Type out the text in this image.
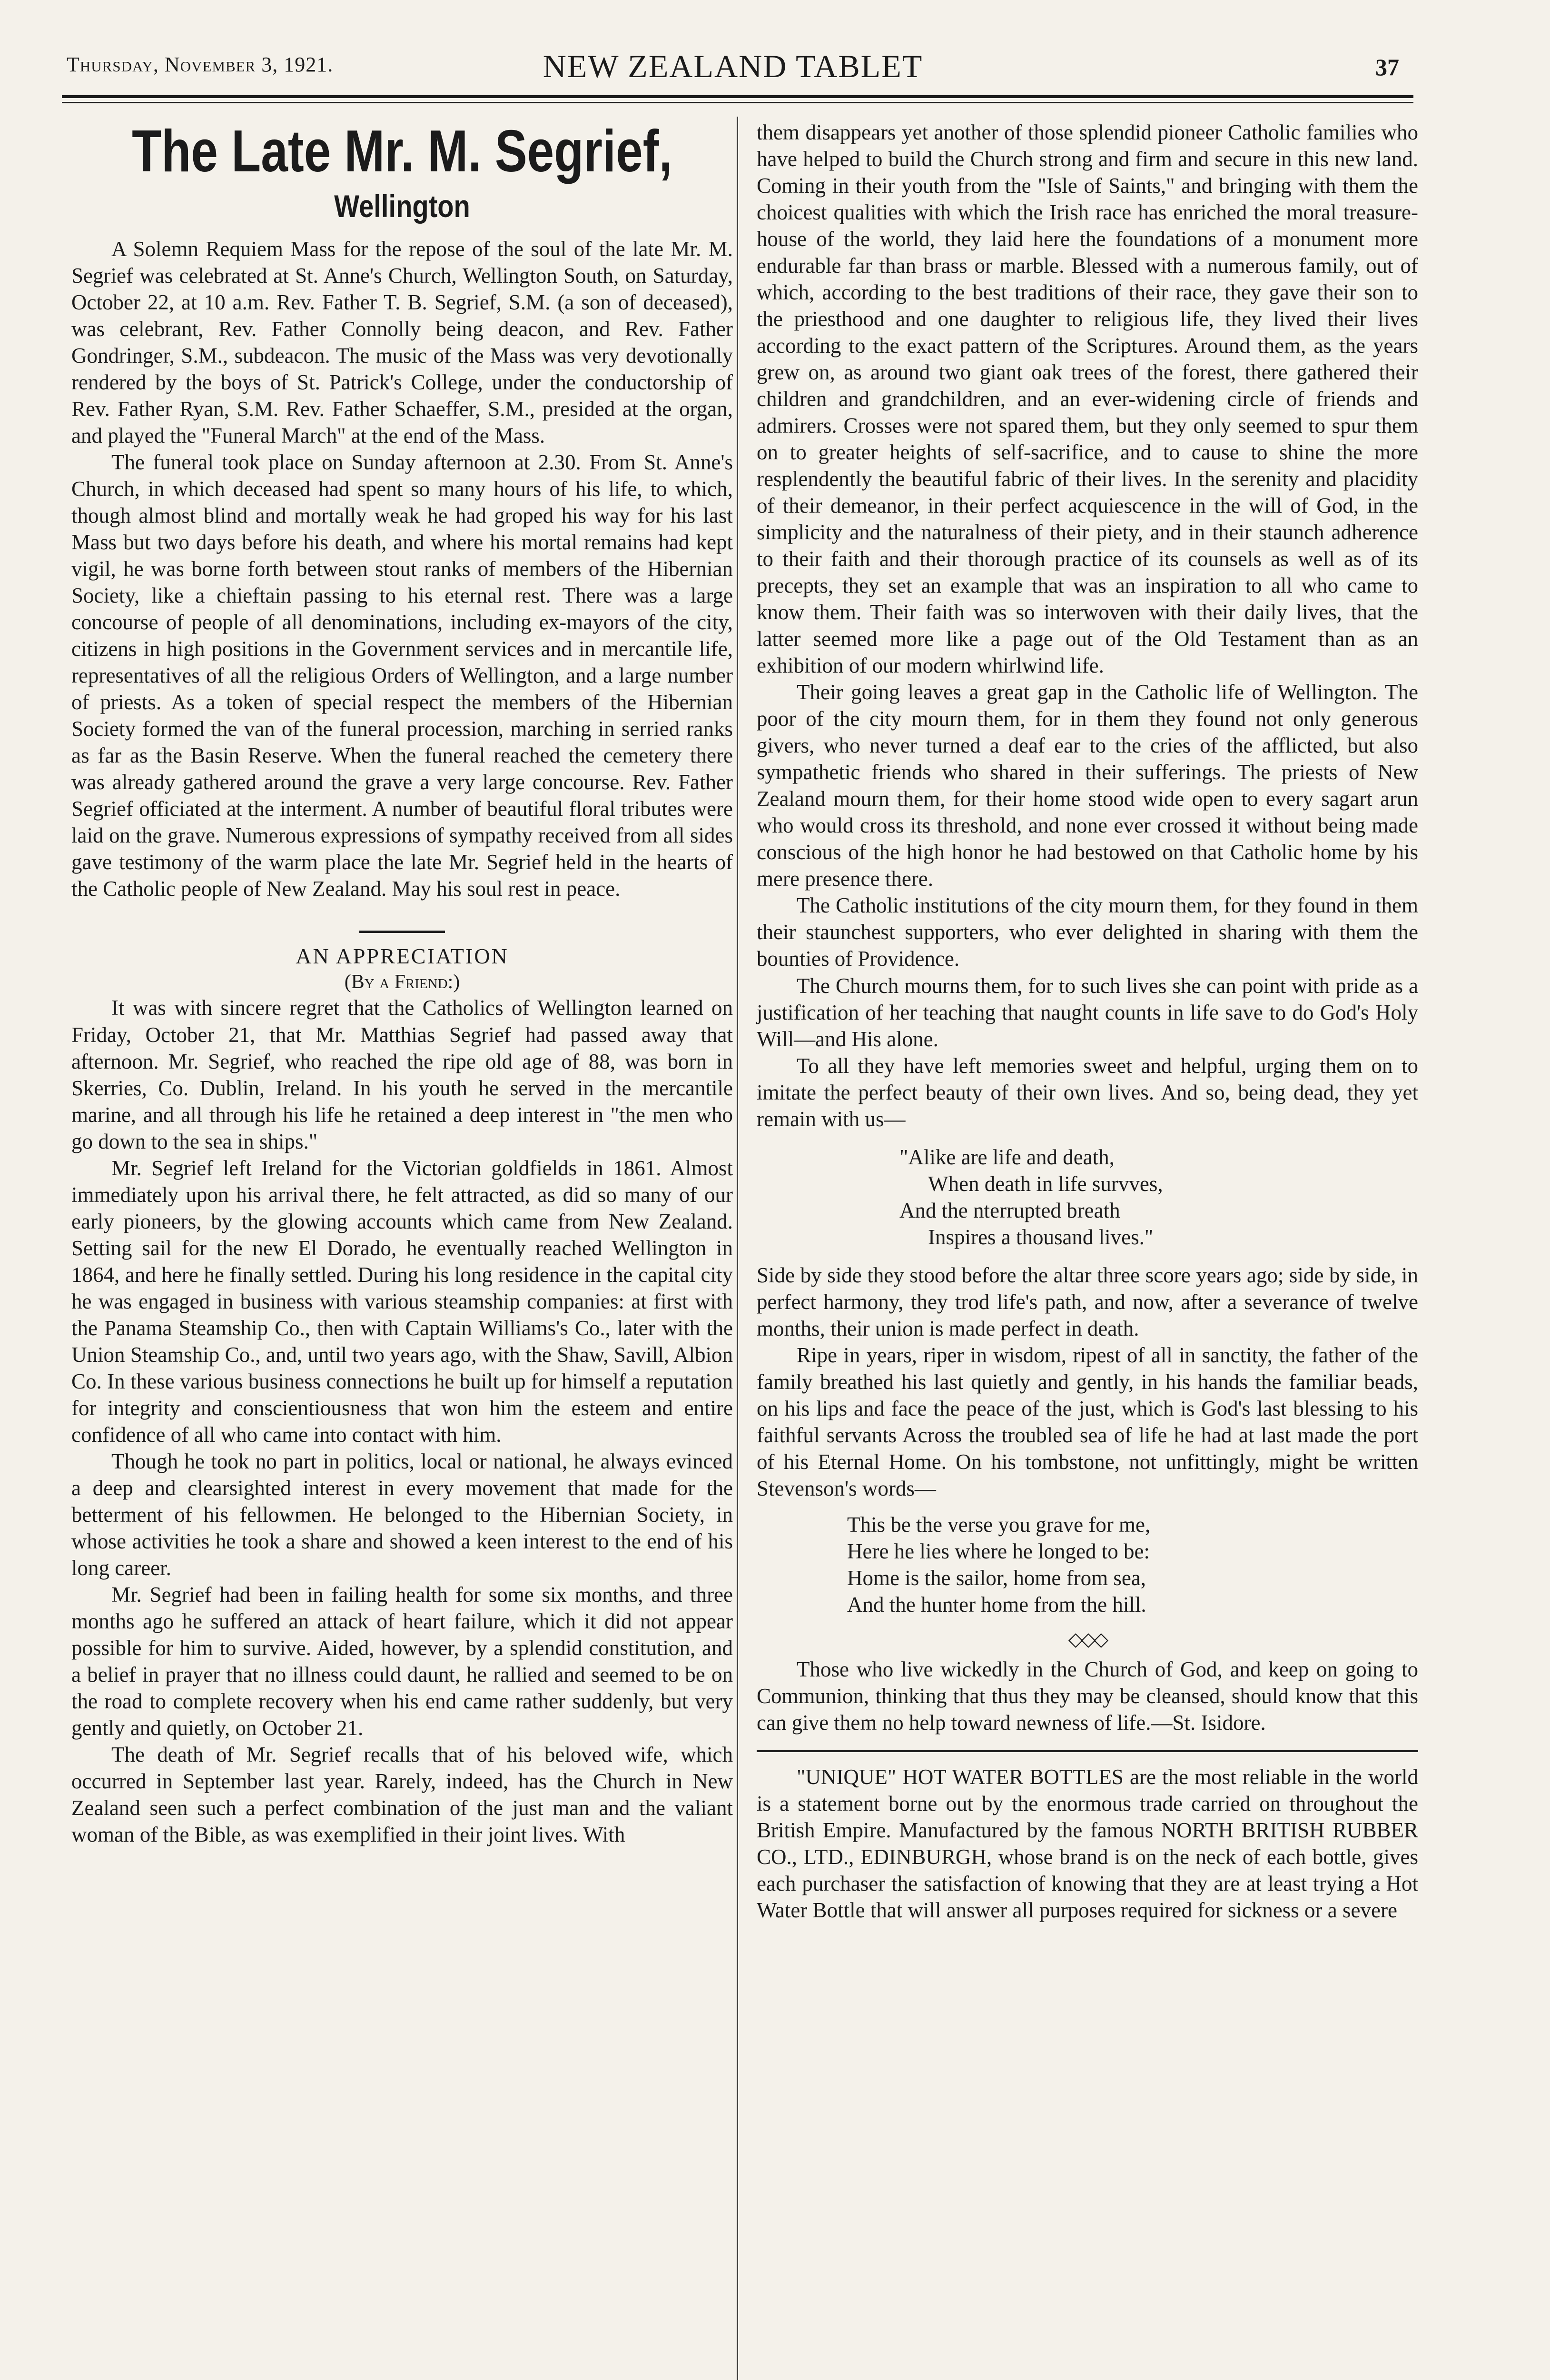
Thursday, November 3, 1921.	NEW ZEALAND TABLET	37
The Late Mr. M. Segrief,
Wellington

A Solemn Requiem Mass for the repose of the soul of the late Mr. M. Segrief was celebrated at St. Anne's Church, Wellington South, on Saturday, October 22, at 10 a.m. Rev. Father T. B. Segrief, S.M. (a son of deceased), was celebrant, Rev. Father Connolly being deacon, and Rev. Father Gondringer, S.M., subdeacon. The music of the Mass was very devotionally rendered by the boys of St. Patrick's College, under the conductorship of Rev. Father Ryan, S.M. Rev. Father Schaeffer, S.M., presided at the organ, and played the "Funeral March" at the end of the Mass.

The funeral took place on Sunday afternoon at 2.30. From St. Anne's Church, in which deceased had spent so many hours of his life, to which, though almost blind and mortally weak he had groped his way for his last Mass but two days before his death, and where his mortal remains had kept vigil, he was borne forth between stout ranks of members of the Hibernian Society, like a chieftain passing to his eternal rest. There was a large concourse of people of all denominations, including ex-mayors of the city, citizens in high positions in the Government services and in mercantile life, representatives of all the religious Orders of Wellington, and a large number of priests. As a token of special respect the members of the Hibernian Society formed the van of the funeral procession, marching in serried ranks as far as the Basin Reserve. When the funeral reached the cemetery there was already gathered around the grave a very large concourse. Rev. Father Segrief officiated at the interment. A number of beautiful floral tributes were laid on the grave. Numerous expressions of sympathy received from all sides gave testimony of the warm place the late Mr. Segrief held in the hearts of the Catholic people of New Zealand. May his soul rest in peace.

AN APPRECIATION

(By a Friend:)

It was with sincere regret that the Catholics of Wellington learned on Friday, October 21, that Mr. Matthias Segrief had passed away that afternoon. Mr. Segrief, who reached the ripe old age of 88, was born in Skerries, Co. Dublin, Ireland. In his youth he served in the mercantile marine, and all through his life he retained a deep interest in "the men who go down to the sea in ships."

Mr. Segrief left Ireland for the Victorian goldfields in 1861. Almost immediately upon his arrival there, he felt attracted, as did so many of our early pioneers, by the glowing accounts which came from New Zealand. Setting sail for the new El Dorado, he eventually reached Wellington in 1864, and here he finally settled. During his long residence in the capital city he was engaged in business with various steamship companies: at first with the Panama Steamship Co., then with Captain Williams's Co., later with the Union Steamship Co., and, until two years ago, with the Shaw, Savill, Albion Co. In these various business connections he built up for himself a reputation for integrity and conscientiousness that won him the esteem and entire confidence of all who came into contact with him.

Though he took no part in politics, local or national, he always evinced a deep and clearsighted interest in every movement that made for the betterment of his fellowmen. He belonged to the Hibernian Society, in whose activities he took a share and showed a keen interest to the end of his long career.

Mr. Segrief had been in failing health for some six months, and three months ago he suffered an attack of heart failure, which it did not appear possible for him to survive. Aided, however, by a splendid constitution, and a belief in prayer that no illness could daunt, he rallied and seemed to be on the road to complete recovery when his end came rather suddenly, but very gently and quietly, on October 21.

The death of Mr. Segrief recalls that of his beloved wife, which occurred in September last year. Rarely, indeed, has the Church in New Zealand seen such a perfect combination of the just man and the valiant woman of the Bible, as was exemplified in their joint lives. With

them disappears yet another of those splendid pioneer Catholic families who have helped to build the Church strong and firm and secure in this new land. Coming in their youth from the "Isle of Saints," and bringing with them the choicest qualities with which the Irish race has enriched the moral treasure-house of the world, they laid here the foundations of a monument more endurable far than brass or marble. Blessed with a numerous family, out of which, according to the best traditions of their race, they gave their son to the priesthood and one daughter to religious life, they lived their lives according to the exact pattern of the Scriptures. Around them, as the years grew on, as around two giant oak trees of the forest, there gathered their children and grandchildren, and an ever-widening circle of friends and admirers. Crosses were not spared them, but they only seemed to spur them on to greater heights of self-sacrifice, and to cause to shine the more resplendently the beautiful fabric of their lives. In the serenity and placidity of their demeanor, in their perfect acquiescence in the will of God, in the simplicity and the naturalness of their piety, and in their staunch adherence to their faith and their thorough practice of its counsels as well as of its precepts, they set an example that was an inspiration to all who came to know them. Their faith was so interwoven with their daily lives, that the latter seemed more like a page out of the Old Testament than as an exhibition of our modern whirlwind life.

Their going leaves a great gap in the Catholic life of Wellington. The poor of the city mourn them, for in them they found not only generous givers, who never turned a deaf ear to the cries of the afflicted, but also sympathetic friends who shared in their sufferings. The priests of New Zealand mourn them, for their home stood wide open to every sagart arun who would cross its threshold, and none ever crossed it without being made conscious of the high honor he had bestowed on that Catholic home by his mere presence there.

The Catholic institutions of the city mourn them, for they found in them their staunchest supporters, who ever delighted in sharing with them the bounties of Providence.

The Church mourns them, for to such lives she can point with pride as a justification of her teaching that naught counts in life save to do God's Holy Will—and His alone.

To all they have left memories sweet and helpful, urging them on to imitate the perfect beauty of their own lives. And so, being dead, they yet remain with us—

"Alike are life and death,
When death in life survves,
And the nterrupted breath
Inspires a thousand lives."

Side by side they stood before the altar three score years ago; side by side, in perfect harmony, they trod life's path, and now, after a severance of twelve months, their union is made perfect in death.

Ripe in years, riper in wisdom, ripest of all in sanctity, the father of the family breathed his last quietly and gently, in his hands the familiar beads, on his lips and face the peace of the just, which is God's last blessing to his faithful servants Across the troubled sea of life he had at last made the port of his Eternal Home. On his tombstone, not unfittingly, might be written Stevenson's words—

This be the verse you grave for me,
Here he lies where he longed to be:
Home is the sailor, home from sea,
And the hunter home from the hill.
◇◇◇

Those who live wickedly in the Church of God, and keep on going to Communion, thinking that thus they may be cleansed, should know that this can give them no help toward newness of life.—St. Isidore.

"UNIQUE" HOT WATER BOTTLES are the most reliable in the world is a statement borne out by the enormous trade carried on throughout the British Empire. Manufactured by the famous NORTH BRITISH RUBBER CO., LTD., EDINBURGH, whose brand is on the neck of each bottle, gives each purchaser the satisfaction of knowing that they are at least trying a Hot Water Bottle that will answer all purposes required for sickness or a severe
